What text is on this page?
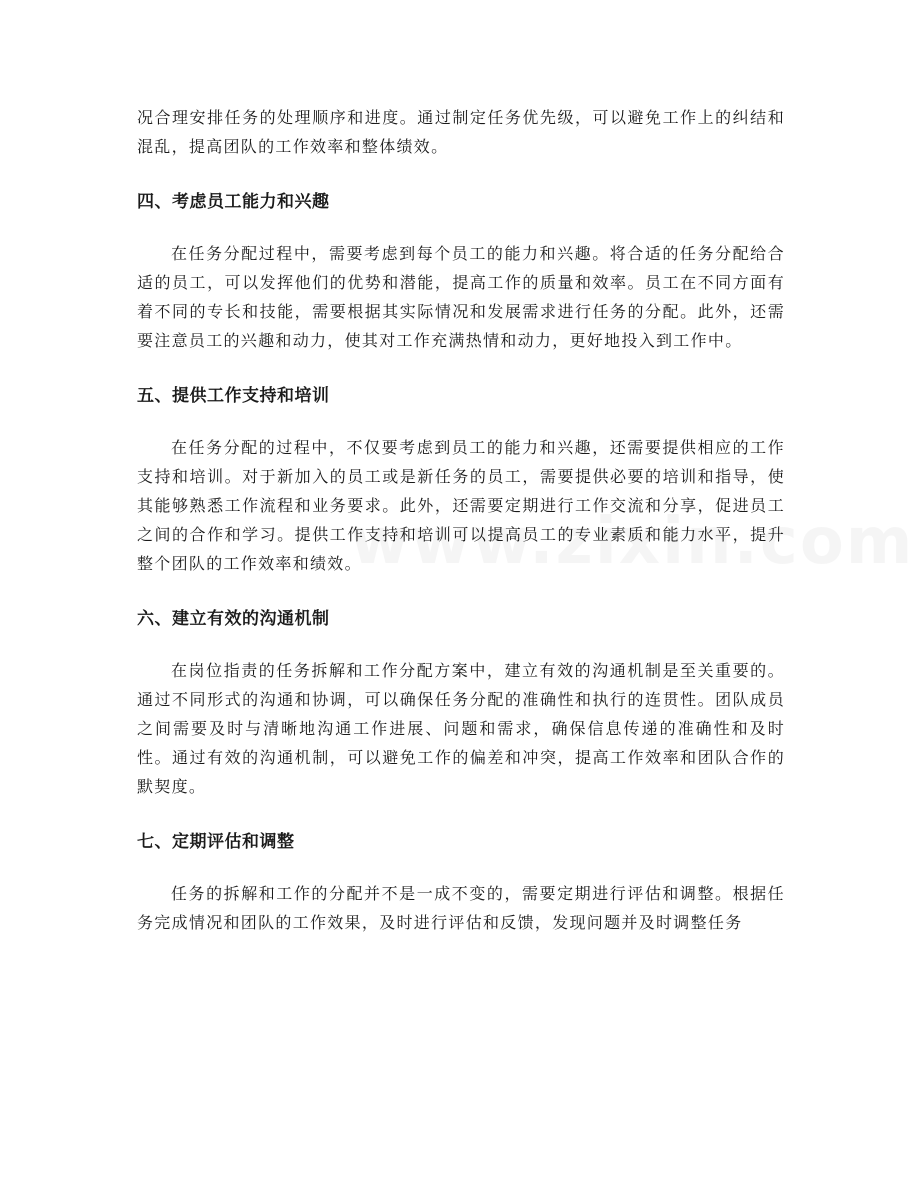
况合理安排任务的处理顺序和进度。通过制定任务优先级，可以避免工作上的纠结和混乱，提高团队的工作效率和整体绩效。

四、考虑员工能力和兴趣

在任务分配过程中，需要考虑到每个员工的能力和兴趣。将合适的任务分配给合适的员工，可以发挥他们的优势和潜能，提高工作的质量和效率。员工在不同方面有着不同的专长和技能，需要根据其实际情况和发展需求进行任务的分配。此外，还需要注意员工的兴趣和动力，使其对工作充满热情和动力，更好地投入到工作中。

五、提供工作支持和培训

在任务分配的过程中，不仅要考虑到员工的能力和兴趣，还需要提供相应的工作支持和培训。对于新加入的员工或是新任务的员工，需要提供必要的培训和指导，使其能够熟悉工作流程和业务要求。此外，还需要定期进行工作交流和分享，促进员工之间的合作和学习。提供工作支持和培训可以提高员工的专业素质和能力水平，提升整个团队的工作效率和绩效。

六、建立有效的沟通机制

在岗位指责的任务拆解和工作分配方案中，建立有效的沟通机制是至关重要的。通过不同形式的沟通和协调，可以确保任务分配的准确性和执行的连贯性。团队成员之间需要及时与清晰地沟通工作进展、问题和需求，确保信息传递的准确性和及时性。通过有效的沟通机制，可以避免工作的偏差和冲突，提高工作效率和团队合作的默契度。

七、定期评估和调整

任务的拆解和工作的分配并不是一成不变的，需要定期进行评估和调整。根据任务完成情况和团队的工作效果，及时进行评估和反馈，发现问题并及时调整任务
